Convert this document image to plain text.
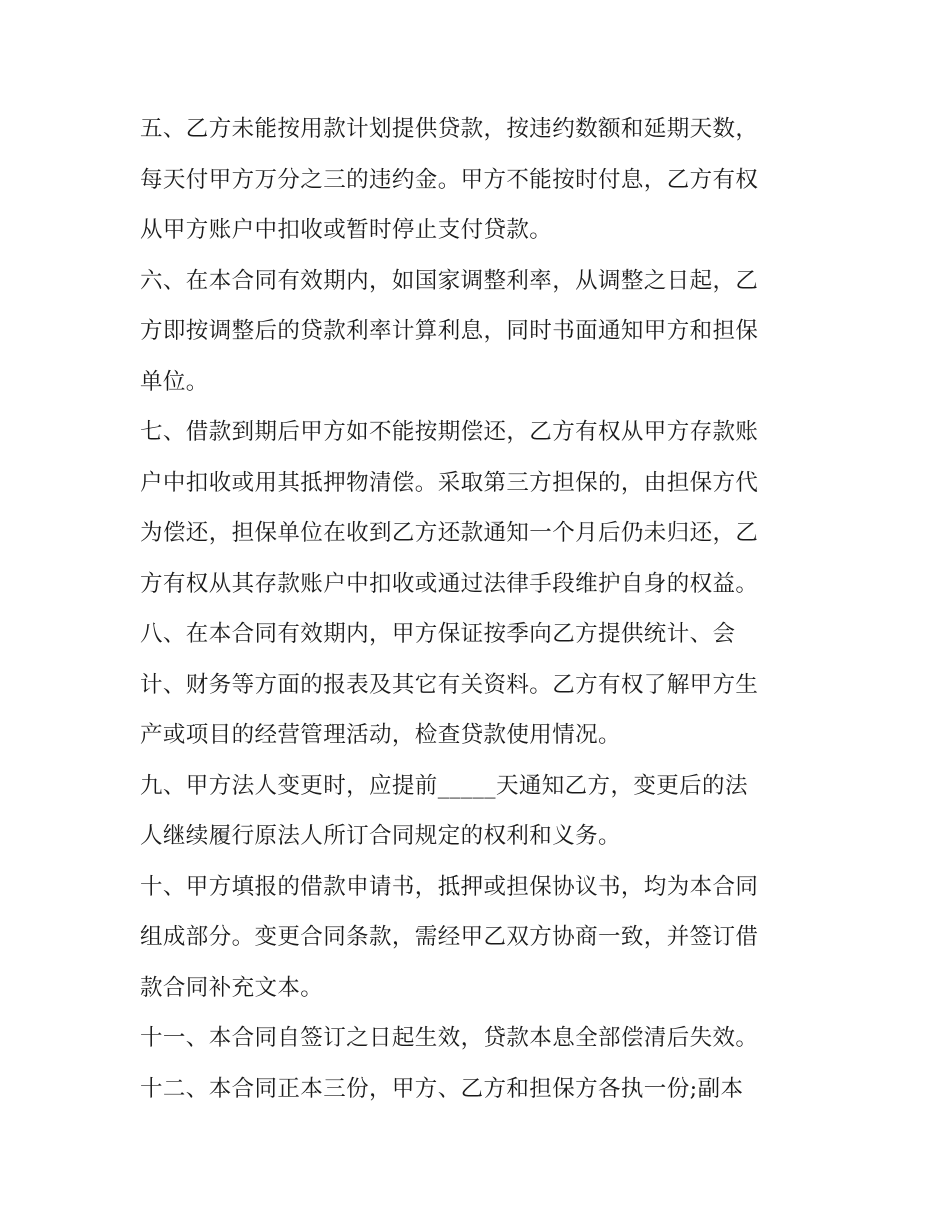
五、乙方未能按用款计划提供贷款，按违约数额和延期天数，
每天付甲方万分之三的违约金。甲方不能按时付息，乙方有权
从甲方账户中扣收或暂时停止支付贷款。
六、在本合同有效期内，如国家调整利率，从调整之日起，乙
方即按调整后的贷款利率计算利息，同时书面通知甲方和担保
单位。
七、借款到期后甲方如不能按期偿还，乙方有权从甲方存款账
户中扣收或用其抵押物清偿。采取第三方担保的，由担保方代
为偿还，担保单位在收到乙方还款通知一个月后仍未归还，乙
方有权从其存款账户中扣收或通过法律手段维护自身的权益。
八、在本合同有效期内，甲方保证按季向乙方提供统计、会
计、财务等方面的报表及其它有关资料。乙方有权了解甲方生
产或项目的经营管理活动，检查贷款使用情况。
九、甲方法人变更时，应提前_____天通知乙方，变更后的法
人继续履行原法人所订合同规定的权利和义务。
十、甲方填报的借款申请书，抵押或担保协议书，均为本合同
组成部分。变更合同条款，需经甲乙双方协商一致，并签订借
款合同补充文本。
十一、本合同自签订之日起生效，贷款本息全部偿清后失效。
十二、本合同正本三份，甲方、乙方和担保方各执一份;副本
